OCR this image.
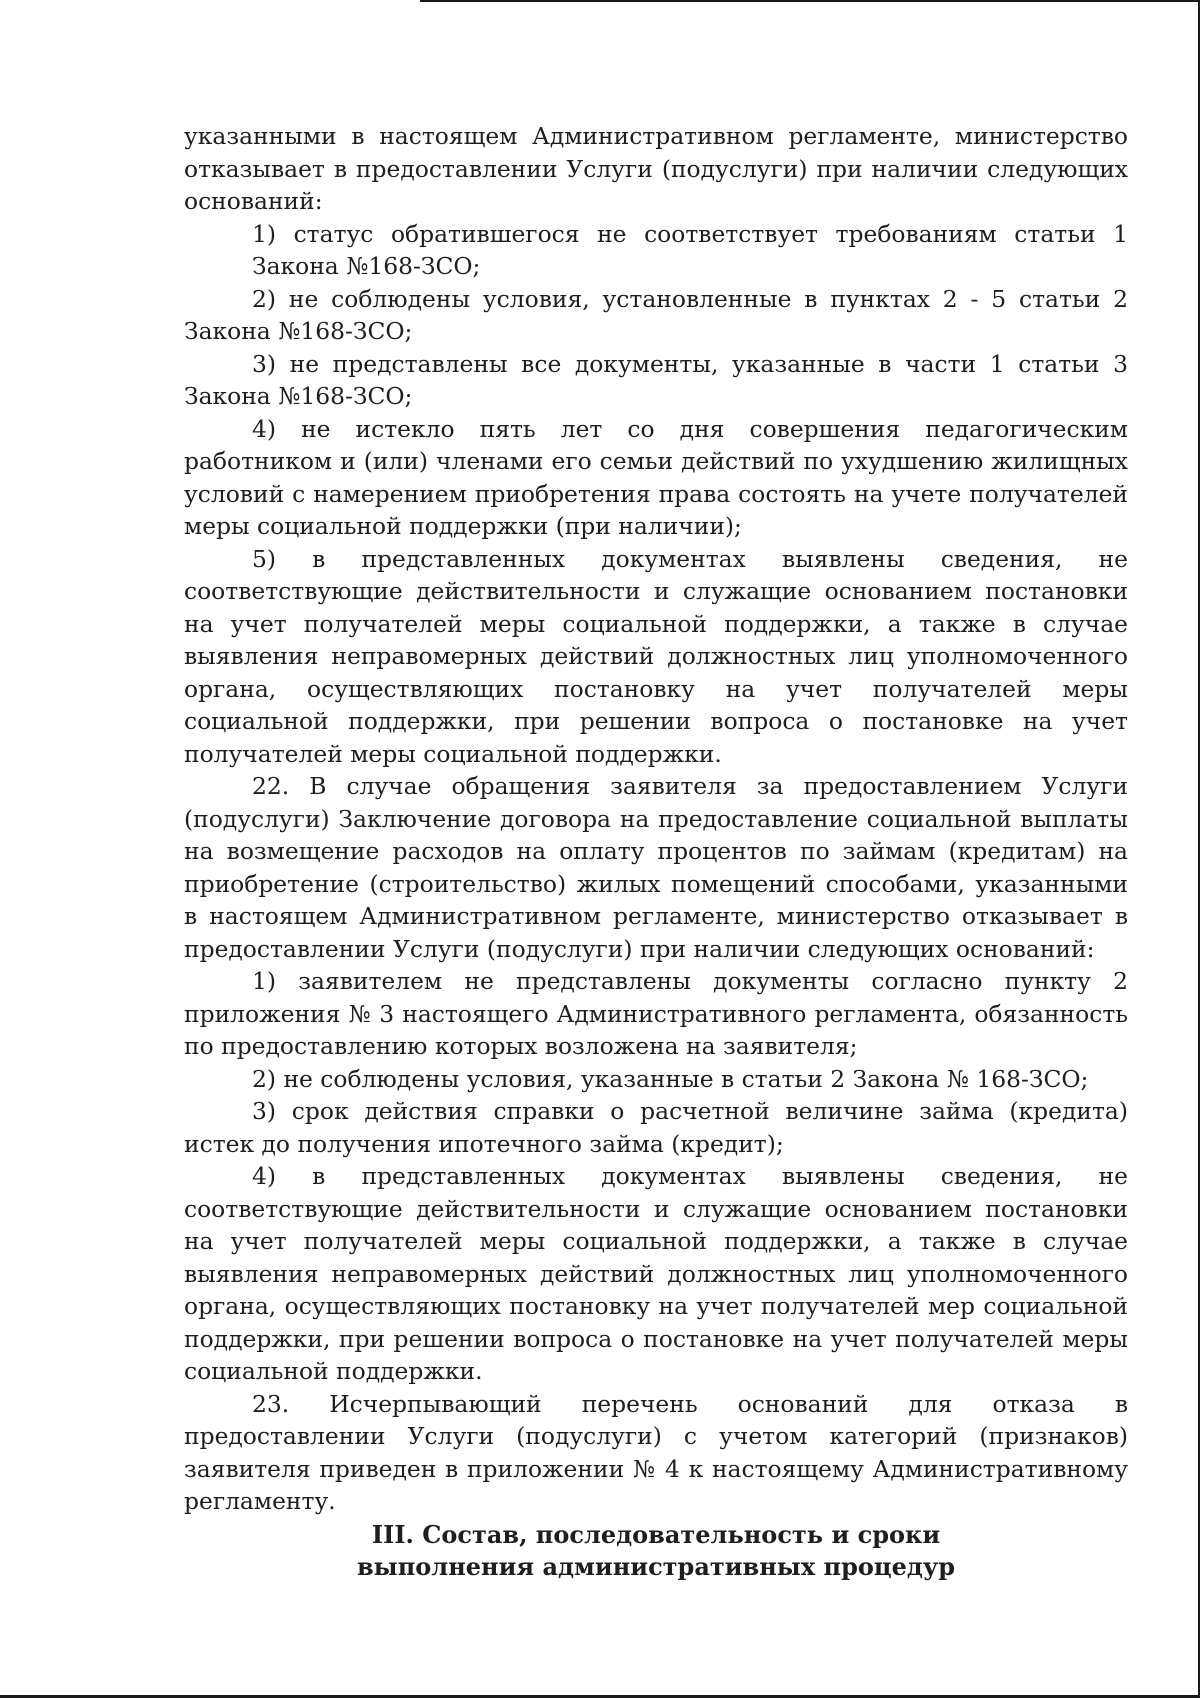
указанными в настоящем Административном регламенте, министерство отказывает в предоставлении Услуги (подуслуги) при наличии следующих оснований:

1) статус обратившегося не соответствует требованиям статьи 1 Закона №168-ЗСО;

2) не соблюдены условия, установленные в пунктах 2 - 5 статьи 2 Закона №168-ЗСО;

3) не представлены все документы, указанные в части 1 статьи 3 Закона №168-ЗСО;

4) не истекло пять лет со дня совершения педагогическим работником и (или) членами его семьи действий по ухудшению жилищных условий с намерением приобретения права состоять на учете получателей меры социальной поддержки (при наличии);

5) в представленных документах выявлены сведения, не соответствующие действительности и служащие основанием постановки на учет получателей меры социальной поддержки, а также в случае выявления неправомерных действий должностных лиц уполномоченного органа, осуществляющих постановку на учет получателей меры социальной поддержки, при решении вопроса о постановке на учет получателей меры социальной поддержки.

22. В случае обращения заявителя за предоставлением Услуги (подуслуги) Заключение договора на предоставление социальной выплаты на возмещение расходов на оплату процентов по займам (кредитам) на приобретение (строительство) жилых помещений способами, указанными в настоящем Административном регламенте, министерство отказывает в предоставлении Услуги (подуслуги) при наличии следующих оснований:

1) заявителем не представлены документы согласно пункту 2 приложения № 3 настоящего Административного регламента, обязанность по предоставлению которых возложена на заявителя;

2) не соблюдены условия, указанные в статьи 2 Закона № 168-ЗСО;

3) срок действия справки о расчетной величине займа (кредита) истек до получения ипотечного займа (кредит);

4) в представленных документах выявлены сведения, не соответствующие действительности и служащие основанием постановки на учет получателей меры социальной поддержки, а также в случае выявления неправомерных действий должностных лиц уполномоченного органа, осуществляющих постановку на учет получателей мер социальной поддержки, при решении вопроса о постановке на учет получателей меры социальной поддержки.

23. Исчерпывающий перечень оснований для отказа в предоставлении Услуги (подуслуги) с учетом категорий (признаков) заявителя приведен в приложении № 4 к настоящему Административному регламенту.

III. Состав, последовательность и сроки
выполнения административных процедур
